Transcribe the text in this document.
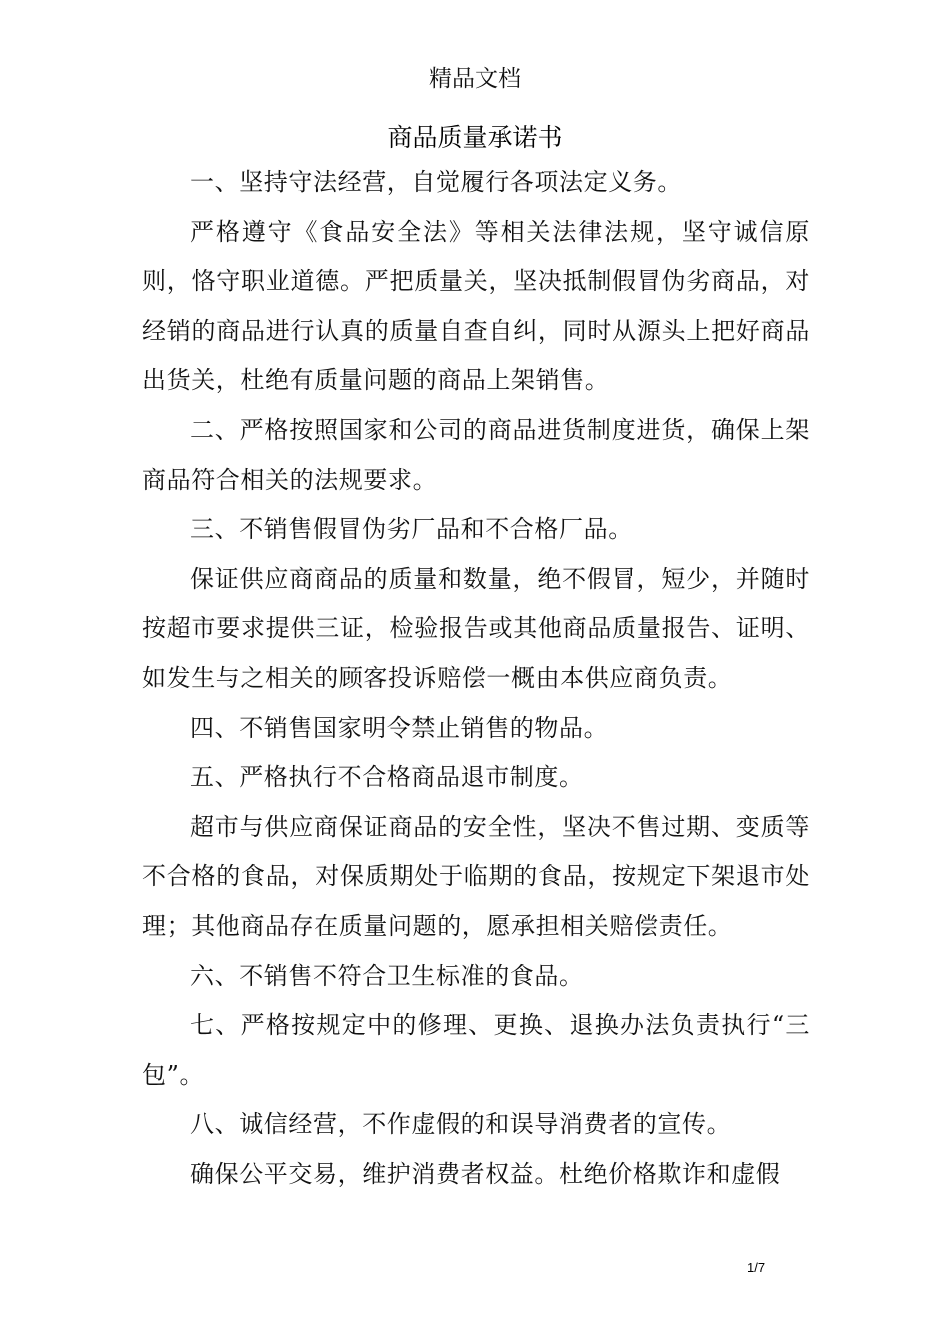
精品文档
商品质量承诺书

一、坚持守法经营，自觉履行各项法定义务。

严格遵守《食品安全法》等相关法律法规，坚守诚信原则，恪守职业道德。严把质量关，坚决抵制假冒伪劣商品，对经销的商品进行认真的质量自查自纠，同时从源头上把好商品出货关，杜绝有质量问题的商品上架销售。

二、严格按照国家和公司的商品进货制度进货，确保上架商品符合相关的法规要求。

三、不销售假冒伪劣厂品和不合格厂品。

保证供应商商品的质量和数量，绝不假冒，短少，并随时按超市要求提供三证，检验报告或其他商品质量报告、证明、如发生与之相关的顾客投诉赔偿一概由本供应商负责。

四、不销售国家明令禁止销售的物品。

五、严格执行不合格商品退市制度。

超市与供应商保证商品的安全性，坚决不售过期、变质等不合格的食品，对保质期处于临期的食品，按规定下架退市处理；其他商品存在质量问题的，愿承担相关赔偿责任。

六、不销售不符合卫生标准的食品。

七、严格按规定中的修理、更换、退换办法负责执行“三包”。

八、诚信经营，不作虚假的和误导消费者的宣传。

确保公平交易，维护消费者权益。杜绝价格欺诈和虚假

1/7
